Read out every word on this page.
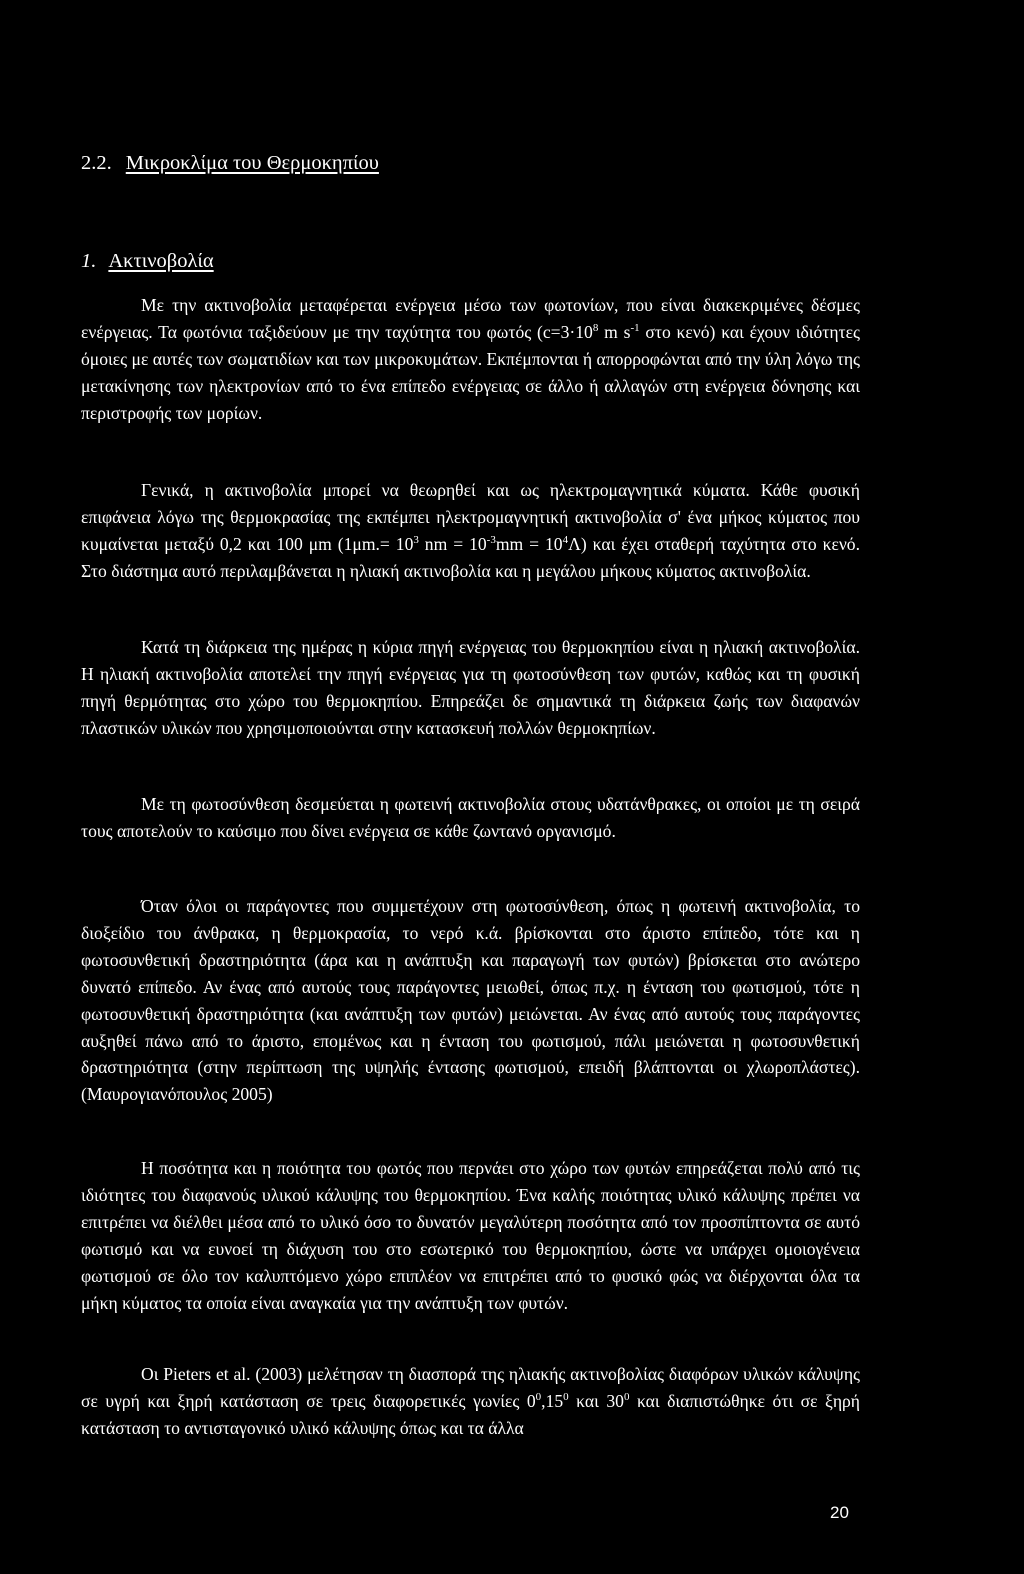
2.2. Μικροκλίμα του Θερμοκηπίου
1. Ακτινοβολία

Με την ακτινοβολία μεταφέρεται ενέργεια μέσω των φωτονίων, που είναι διακεκριμένες δέσμες ενέργειας. Τα φωτόνια ταξιδεύουν με την ταχύτητα του φωτός ($c=3\cdot 10^8$ m $s^{-1}$ στο κενό) και έχουν ιδιότητες όμοιες με αυτές των σωματιδίων και των μικροκυμάτων. Εκπέμπονται ή απορροφώνται από την ύλη λόγω της μετακίνησης των ηλεκτρονίων από το ένα επίπεδο ενέργειας σε άλλο ή αλλαγών στη ενέργεια δόνησης και περιστροφής των μορίων.

Γενικά, η ακτινοβολία μπορεί να θεωρηθεί και ως ηλεκτρομαγνητικά κύματα. Κάθε φυσική επιφάνεια λόγω της θερμοκρασίας της εκπέμπει ηλεκτρομαγνητική ακτινοβολία σ' ένα μήκος κύματος που κυμαίνεται μεταξύ 0,2 και 100 μm ($1\mu m.= 10^3$ nm = $10^{-3}mm = 10^4\Lambda$) και έχει σταθερή ταχύτητα στο κενό. Στο διάστημα αυτό περιλαμβάνεται η ηλιακή ακτινοβολία και η μεγάλου μήκους κύματος ακτινοβολία.

Κατά τη διάρκεια της ημέρας η κύρια πηγή ενέργειας του θερμοκηπίου είναι η ηλιακή ακτινοβολία. Η ηλιακή ακτινοβολία αποτελεί την πηγή ενέργειας για τη φωτοσύνθεση των φυτών, καθώς και τη φυσική πηγή θερμότητας στο χώρο του θερμοκηπίου. Επηρεάζει δε σημαντικά τη διάρκεια ζωής των διαφανών πλαστικών υλικών που χρησιμοποιούνται στην κατασκευή πολλών θερμοκηπίων.

Με τη φωτοσύνθεση δεσμεύεται η φωτεινή ακτινοβολία στους υδατάνθρακες, οι οποίοι με τη σειρά τους αποτελούν το καύσιμο που δίνει ενέργεια σε κάθε ζωντανό οργανισμό.

Όταν όλοι οι παράγοντες που συμμετέχουν στη φωτοσύνθεση, όπως η φωτεινή ακτινοβολία, το διοξείδιο του άνθρακα, η θερμοκρασία, το νερό κ.ά. βρίσκονται στο άριστο επίπεδο, τότε και η φωτοσυνθετική δραστηριότητα (άρα και η ανάπτυξη και παραγωγή των φυτών) βρίσκεται στο ανώτερο δυνατό επίπεδο. Αν ένας από αυτούς τους παράγοντες μειωθεί, όπως π.χ. η ένταση του φωτισμού, τότε η φωτοσυνθετική δραστηριότητα (και ανάπτυξη των φυτών) μειώνεται. Αν ένας από αυτούς τους παράγοντες αυξηθεί πάνω από το άριστο, επομένως και η ένταση του φωτισμού, πάλι μειώνεται η φωτοσυνθετική δραστηριότητα (στην περίπτωση της υψηλής έντασης φωτισμού, επειδή βλάπτονται οι χλωροπλάστες). (Μαυρογιανόπουλος 2005)

Η ποσότητα και η ποιότητα του φωτός που περνάει στο χώρο των φυτών επηρεάζεται πολύ από τις ιδιότητες του διαφανούς υλικού κάλυψης του θερμοκηπίου. Ένα καλής ποιότητας υλικό κάλυψης πρέπει να επιτρέπει να διέλθει μέσα από το υλικό όσο το δυνατόν μεγαλύτερη ποσότητα από τον προσπίπτοντα σε αυτό φωτισμό και να ευνοεί τη διάχυση του στο εσωτερικό του θερμοκηπίου, ώστε να υπάρχει ομοιογένεια φωτισμού σε όλο τον καλυπτόμενο χώρο επιπλέον να επιτρέπει από το φυσικό φώς να διέρχονται όλα τα μήκη κύματος τα οποία είναι αναγκαία για την ανάπτυξη των φυτών.

Οι Pieters et al. (2003) μελέτησαν τη διασπορά της ηλιακής ακτινοβολίας διαφόρων υλικών κάλυψης σε υγρή και ξηρή κατάσταση σε τρεις διαφορετικές γωνίες $0^0,15^0$ και $30^0$ και διαπιστώθηκε ότι σε ξηρή κατάσταση το αντισταγονικό υλικό κάλυψης όπως και τα άλλα

20
